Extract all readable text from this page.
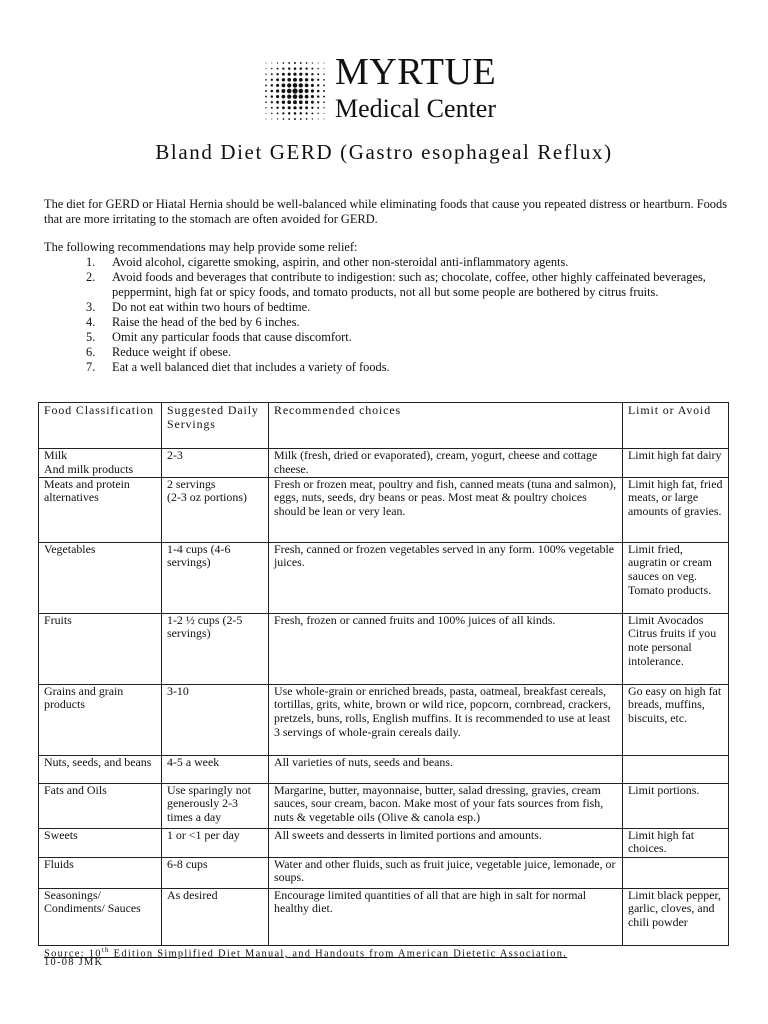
MYRTUE
Medical Center
Bland Diet GERD (Gastro esophageal Reflux)
The diet for GERD or Hiatal Hernia should be well-balanced while eliminating foods that cause you repeated distress or heartburn. Foods that are more irritating to the stomach are often avoided for GERD.
The following recommendations may help provide some relief:
1. Avoid alcohol, cigarette smoking, aspirin, and other non-steroidal anti-inflammatory agents.
2. Avoid foods and beverages that contribute to indigestion: such as; chocolate, coffee, other highly caffeinated beverages, peppermint, high fat or spicy foods, and tomato products, not all but some people are bothered by citrus fruits.
3. Do not eat within two hours of bedtime.
4. Raise the head of the bed by 6 inches.
5. Omit any particular foods that cause discomfort.
6. Reduce weight if obese.
7. Eat a well balanced diet that includes a variety of foods.
Food Classification	Suggested Daily Servings	Recommended choices	Limit or Avoid
Milk
And milk products	2-3	Milk (fresh, dried or evaporated), cream, yogurt, cheese and cottage cheese.	Limit high fat dairy
Meats and protein alternatives	2 servings
(2-3 oz portions)	Fresh or frozen meat, poultry and fish, canned meats (tuna and salmon), eggs, nuts, seeds, dry beans or peas. Most meat & poultry choices should be lean or very lean.	Limit high fat, fried meats, or large amounts of gravies.
Vegetables	1-4 cups (4-6 servings)	Fresh, canned or frozen vegetables served in any form. 100% vegetable juices.	Limit fried, augratin or cream sauces on veg. Tomato products.
Fruits	1-2 ½ cups (2-5 servings)	Fresh, frozen or canned fruits and 100% juices of all kinds.	Limit Avocados Citrus fruits if you note personal intolerance.
Grains and grain products	3-10	Use whole-grain or enriched breads, pasta, oatmeal, breakfast cereals, tortillas, grits, white, brown or wild rice, popcorn, cornbread, crackers, pretzels, buns, rolls, English muffins. It is recommended to use at least 3 servings of whole-grain cereals daily.	Go easy on high fat breads, muffins, biscuits, etc.
Nuts, seeds, and beans	4-5 a week	All varieties of nuts, seeds and beans.	
Fats and Oils	Use sparingly not generously 2-3 times a day	Margarine, butter, mayonnaise, butter, salad dressing, gravies, cream sauces, sour cream, bacon. Make most of your fats sources from fish, nuts & vegetable oils (Olive & canola esp.)	Limit portions.
Sweets	1 or <1 per day	All sweets and desserts in limited portions and amounts.	Limit high fat choices.
Fluids	6-8 cups	Water and other fluids, such as fruit juice, vegetable juice, lemonade, or soups.	
Seasonings/ Condiments/ Sauces	As desired	Encourage limited quantities of all that are high in salt for normal healthy diet.	Limit black pepper, garlic, cloves, and chili powder
Source: 10th Edition Simplified Diet Manual, and Handouts from American Dietetic Association.
10-08 JMK
